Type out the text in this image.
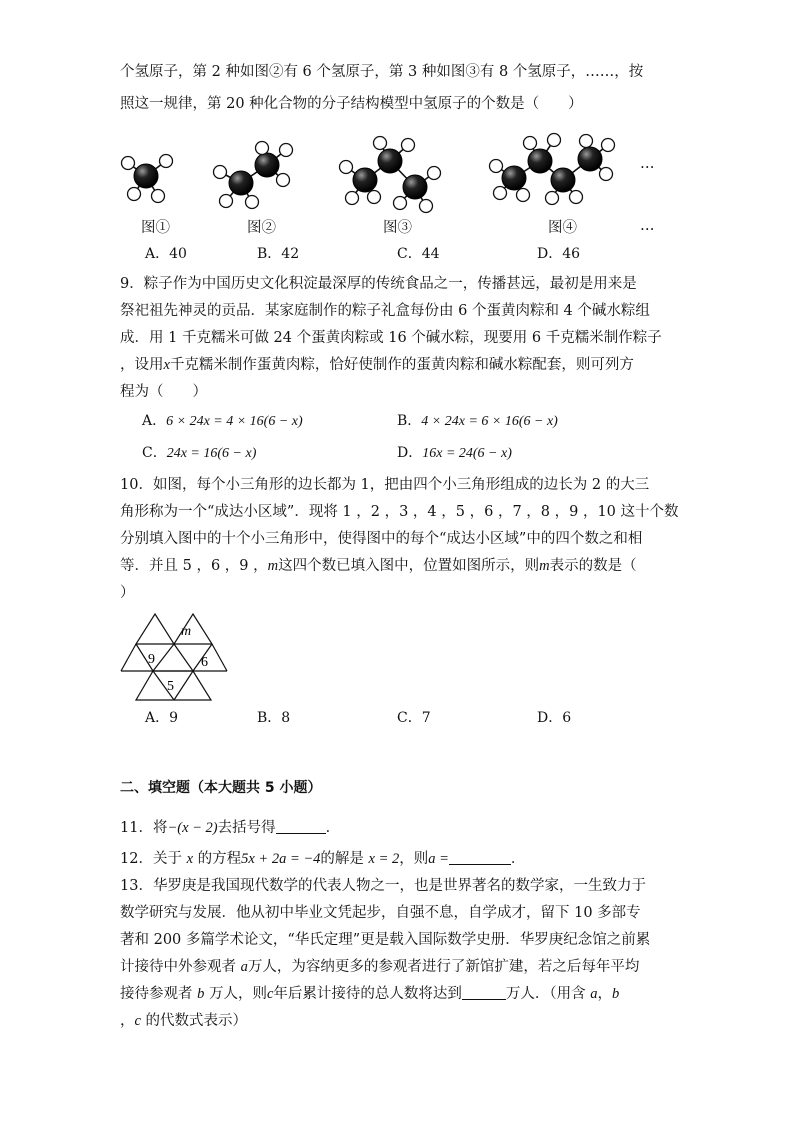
个氢原子，第 2 种如图②有 6 个氢原子，第 3 种如图③有 8 个氢原子，……，按
照这一规律，第 20 种化合物的分子结构模型中氢原子的个数是（　　）
…
图①	图②	图③	图④	…
A．40	B．42	C．44	D．46
9．粽子作为中国历史文化积淀最深厚的传统食品之一，传播甚远，最初是用来是
祭祀祖先神灵的贡品．某家庭制作的粽子礼盒每份由 6 个蛋黄肉粽和 4 个碱水粽组
成．用 1 千克糯米可做 24 个蛋黄肉粽或 16 个碱水粽，现要用 6 千克糯米制作粽子
，设用x千克糯米制作蛋黄肉粽，恰好使制作的蛋黄肉粽和碱水粽配套，则可列方
程为（　　）
A．6 × 24x = 4 × 16(6 − x)	B．4 × 24x = 6 × 16(6 − x)
C．24x = 16(6 − x)	D．16x = 24(6 − x)
10．如图，每个小三角形的边长都为 1，把由四个小三角形组成的边长为 2 的大三
角形称为一个“成达小区域”．现将 1 ，2 ，3 ，4 ，5 ，6 ，7 ，8 ，9 ，10 这十个数
分别填入图中的十个小三角形中，使得图中的每个“成达小区域”中的四个数之和相
等．并且 5 ，6 ，9 ，m这四个数已填入图中，位置如图所示，则m表示的数是（
）
m
9	6
5
A．9	B．8	C．7	D．6
二、填空题（本大题共 5 小题）
11．将−(x − 2)去括号得	．
12．关于 x 的方程5x + 2a = −4的解是 x = 2，则a =	．
13．华罗庚是我国现代数学的代表人物之一，也是世界著名的数学家，一生致力于
数学研究与发展．他从初中毕业文凭起步，自强不息，自学成才，留下 10 多部专
著和 200 多篇学术论文，“华氏定理”更是载入国际数学史册．华罗庚纪念馆之前累
计接待中外参观者 a万人，为容纳更多的参观者进行了新馆扩建，若之后每年平均
接待参观者 b 万人，则c年后累计接待的总人数将达到	万人．（用含 a，b
，c 的代数式表示）
